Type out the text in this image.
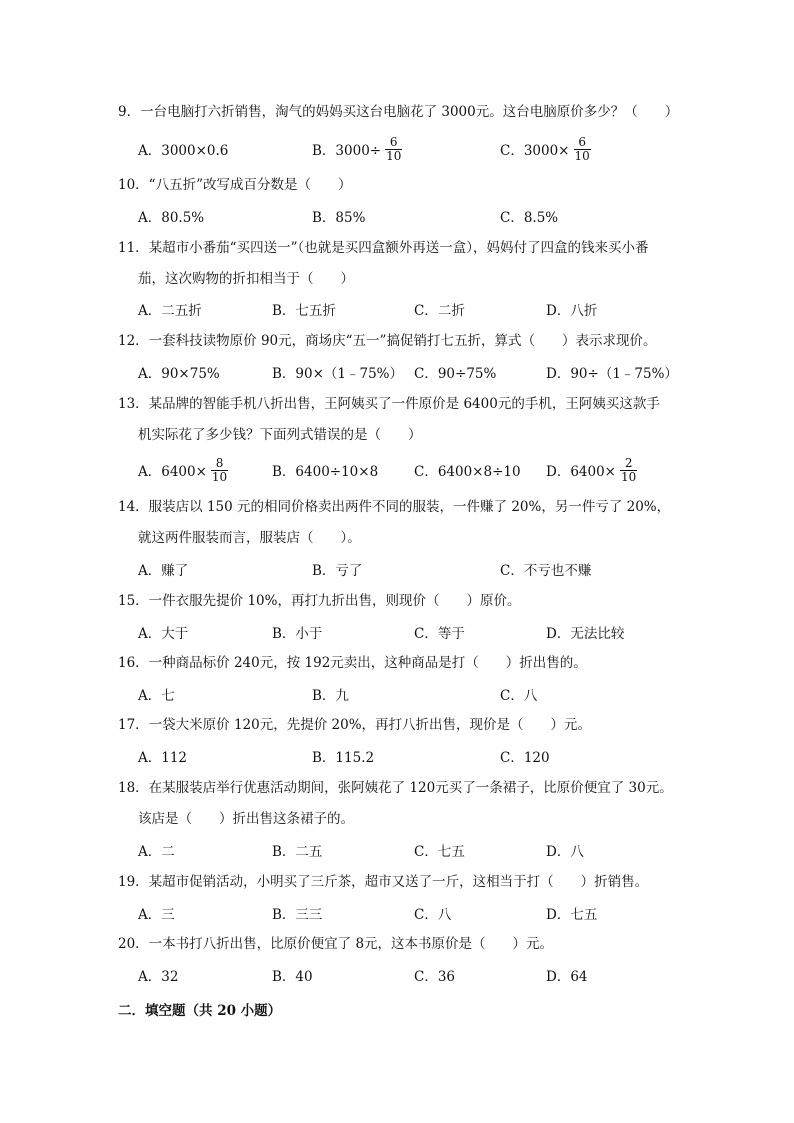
9．一台电脑打六折销售，淘气的妈妈买这台电脑花了 3000元。这台电脑原价多少？（　　）
A．3000×0.6	B．$3000\div \frac{6}{10}$	C．$3000\times \frac{6}{10}$
10．“八五折”改写成百分数是（　　）
A．80.5%	B．85%	C．8.5%
11．某超市小番茄“买四送一”（也就是买四盒额外再送一盒），妈妈付了四盒的钱来买小番
茄，这次购物的折扣相当于（　　）
A．二五折	B．七五折	C．二折	D．八折
12．一套科技读物原价 90元，商场庆“五一”搞促销打七五折，算式（　　）表示求现价。
A．90×75%	B．90×（1﹣75%） C．90÷75%	D．90÷（1﹣75%）
13．某品牌的智能手机八折出售，王阿姨买了一件原价是 6400元的手机，王阿姨买这款手
机实际花了多少钱？下面列式错误的是（　　）
A．$6400\times \frac{8}{10}$	B．6400÷10×8	C．6400×8÷10 D．$6400\times \frac{2}{10}$
14．服装店以 150 元的相同价格卖出两件不同的服装，一件赚了 20%，另一件亏了 20%，
就这两件服装而言，服装店（　　）。
A．赚了	B．亏了	C．不亏也不赚
15．一件衣服先提价 10%，再打九折出售，则现价（　　）原价。
A．大于	B．小于	C．等于	D．无法比较
16．一种商品标价 240元，按 192元卖出，这种商品是打（　　）折出售的。
A．七	B．九	C．八
17．一袋大米原价 120元，先提价 20%，再打八折出售，现价是（　　）元。
A．112	B．115.2	C．120
18．在某服装店举行优惠活动期间，张阿姨花了 120元买了一条裙子，比原价便宜了 30元。
该店是（　　）折出售这条裙子的。
A．二	B．二五	C．七五	D．八
19．某超市促销活动，小明买了三斤茶，超市又送了一斤，这相当于打（　　）折销售。
A．三	B．三三	C．八	D．七五
20．一本书打八折出售，比原价便宜了 8元，这本书原价是（　　）元。
A．32	B．40	C．36	D．64
二．填空题（共 20 小题）
